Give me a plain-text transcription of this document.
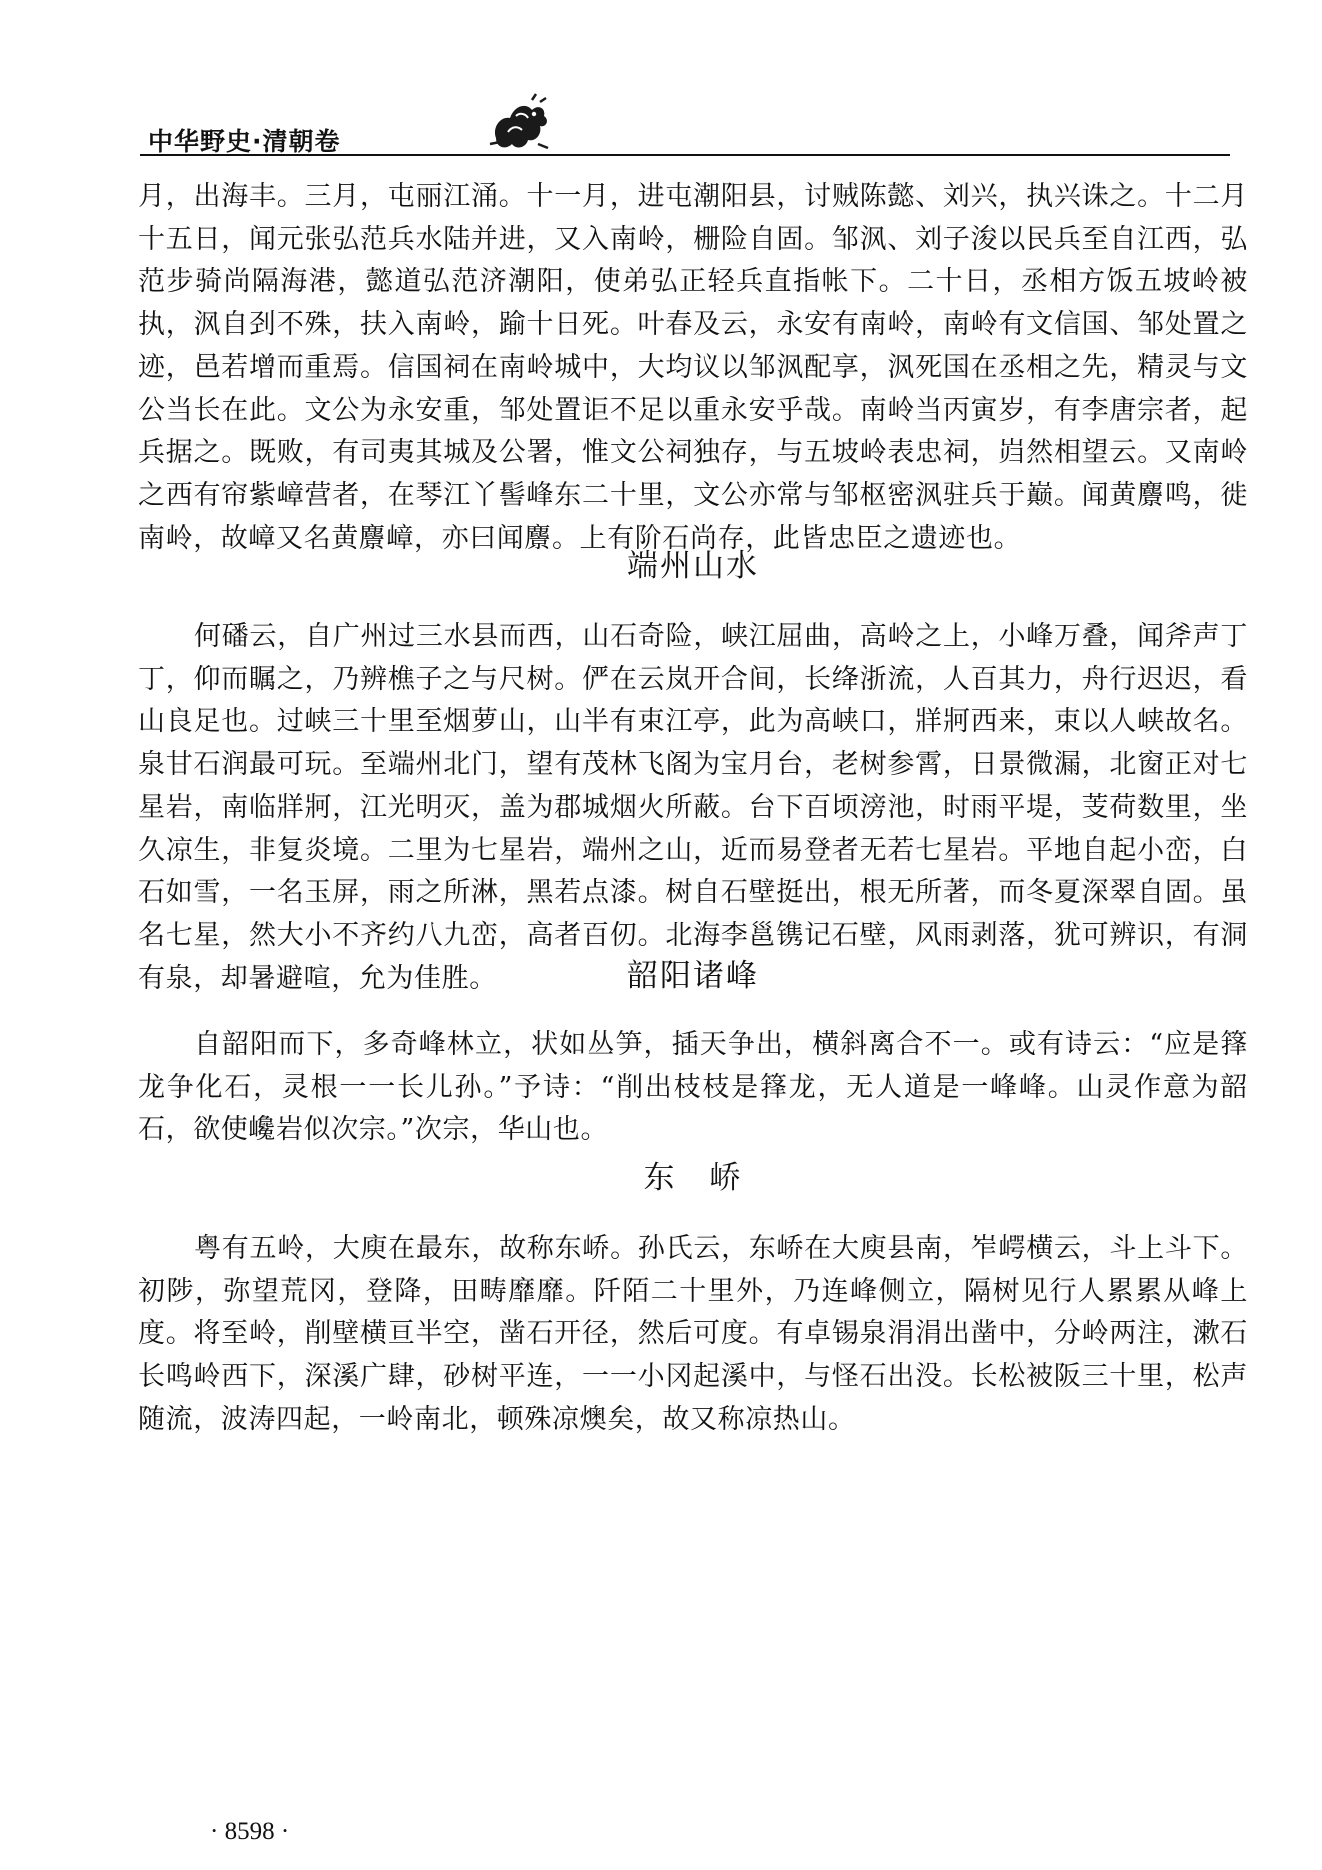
中华野史·清朝卷

月，出海丰。三月，屯丽江涌。十一月，进屯潮阳县，讨贼陈懿、刘兴，执兴诛之。十二月十五日，闻元张弘范兵水陆并进，又入南岭，栅险自固。邹沨、刘子浚以民兵至自江西，弘范步骑尚隔海港，懿道弘范济潮阳，使弟弘正轻兵直指帐下。二十日，丞相方饭五坡岭被执，沨自刭不殊，扶入南岭，踰十日死。叶春及云，永安有南岭，南岭有文信国、邹处置之迹，邑若增而重焉。信国祠在南岭城中，大均议以邹沨配享，沨死国在丞相之先，精灵与文公当长在此。文公为永安重，邹处置讵不足以重永安乎哉。南岭当丙寅岁，有李唐宗者，起兵据之。既败，有司夷其城及公署，惟文公祠独存，与五坡岭表忠祠，岿然相望云。又南岭之西有帘紫嶂营者，在琴江丫髻峰东二十里，文公亦常与邹枢密沨驻兵于巅。闻黄麖鸣，徙南岭，故嶂又名黄麖嶂，亦曰闻麖。上有阶石尚存，此皆忠臣之遗迹也。

端州山水

何磻云，自广州过三水县而西，山石奇险，峡江屈曲，高岭之上，小峰万叠，闻斧声丁丁，仰而瞩之，乃辨樵子之与尺树。俨在云岚开合间，长绛浙流，人百其力，舟行迟迟，看山良足也。过峡三十里至烟萝山，山半有束江亭，此为高峡口，牂牁西来，束以人峡故名。泉甘石润最可玩。至端州北门，望有茂林飞阁为宝月台，老树参霄，日景微漏，北窗正对七星岩，南临牂牁，江光明灭，盖为郡城烟火所蔽。台下百顷滂池，时雨平堤，芰荷数里，坐久凉生，非复炎境。二里为七星岩，端州之山，近而易登者无若七星岩。平地自起小峦，白石如雪，一名玉屏，雨之所淋，黑若点漆。树自石壁挺出，根无所著，而冬夏深翠自固。虽名七星，然大小不齐约八九峦，高者百仞。北海李邕镌记石壁，风雨剥落，犹可辨识，有洞有泉，却暑避喧，允为佳胜。	韶阳诸峰

自韶阳而下，多奇峰林立，状如丛笋，插天争出，横斜离合不一。或有诗云：“应是箨龙争化石，灵根一一长儿孙。”予诗：“削出枝枝是箨龙，无人道是一峰峰。山灵作意为韶石，欲使巉岩似次宗。”次宗，华山也。

东　峤

粤有五岭，大庾在最东，故称东峤。孙氏云，东峤在大庾县南，岝崿横云，斗上斗下。初陟，弥望荒冈，登降，田畴靡靡。阡陌二十里外，乃连峰侧立，隔树见行人累累从峰上度。将至岭，削壁横亘半空，凿石开径，然后可度。有卓锡泉涓涓出凿中，分岭两注，漱石长鸣岭西下，深溪广肆，砂树平连，一一小冈起溪中，与怪石出没。长松被阪三十里，松声随流，波涛四起，一岭南北，顿殊凉燠矣，故又称凉热山。

· 8598 ·
